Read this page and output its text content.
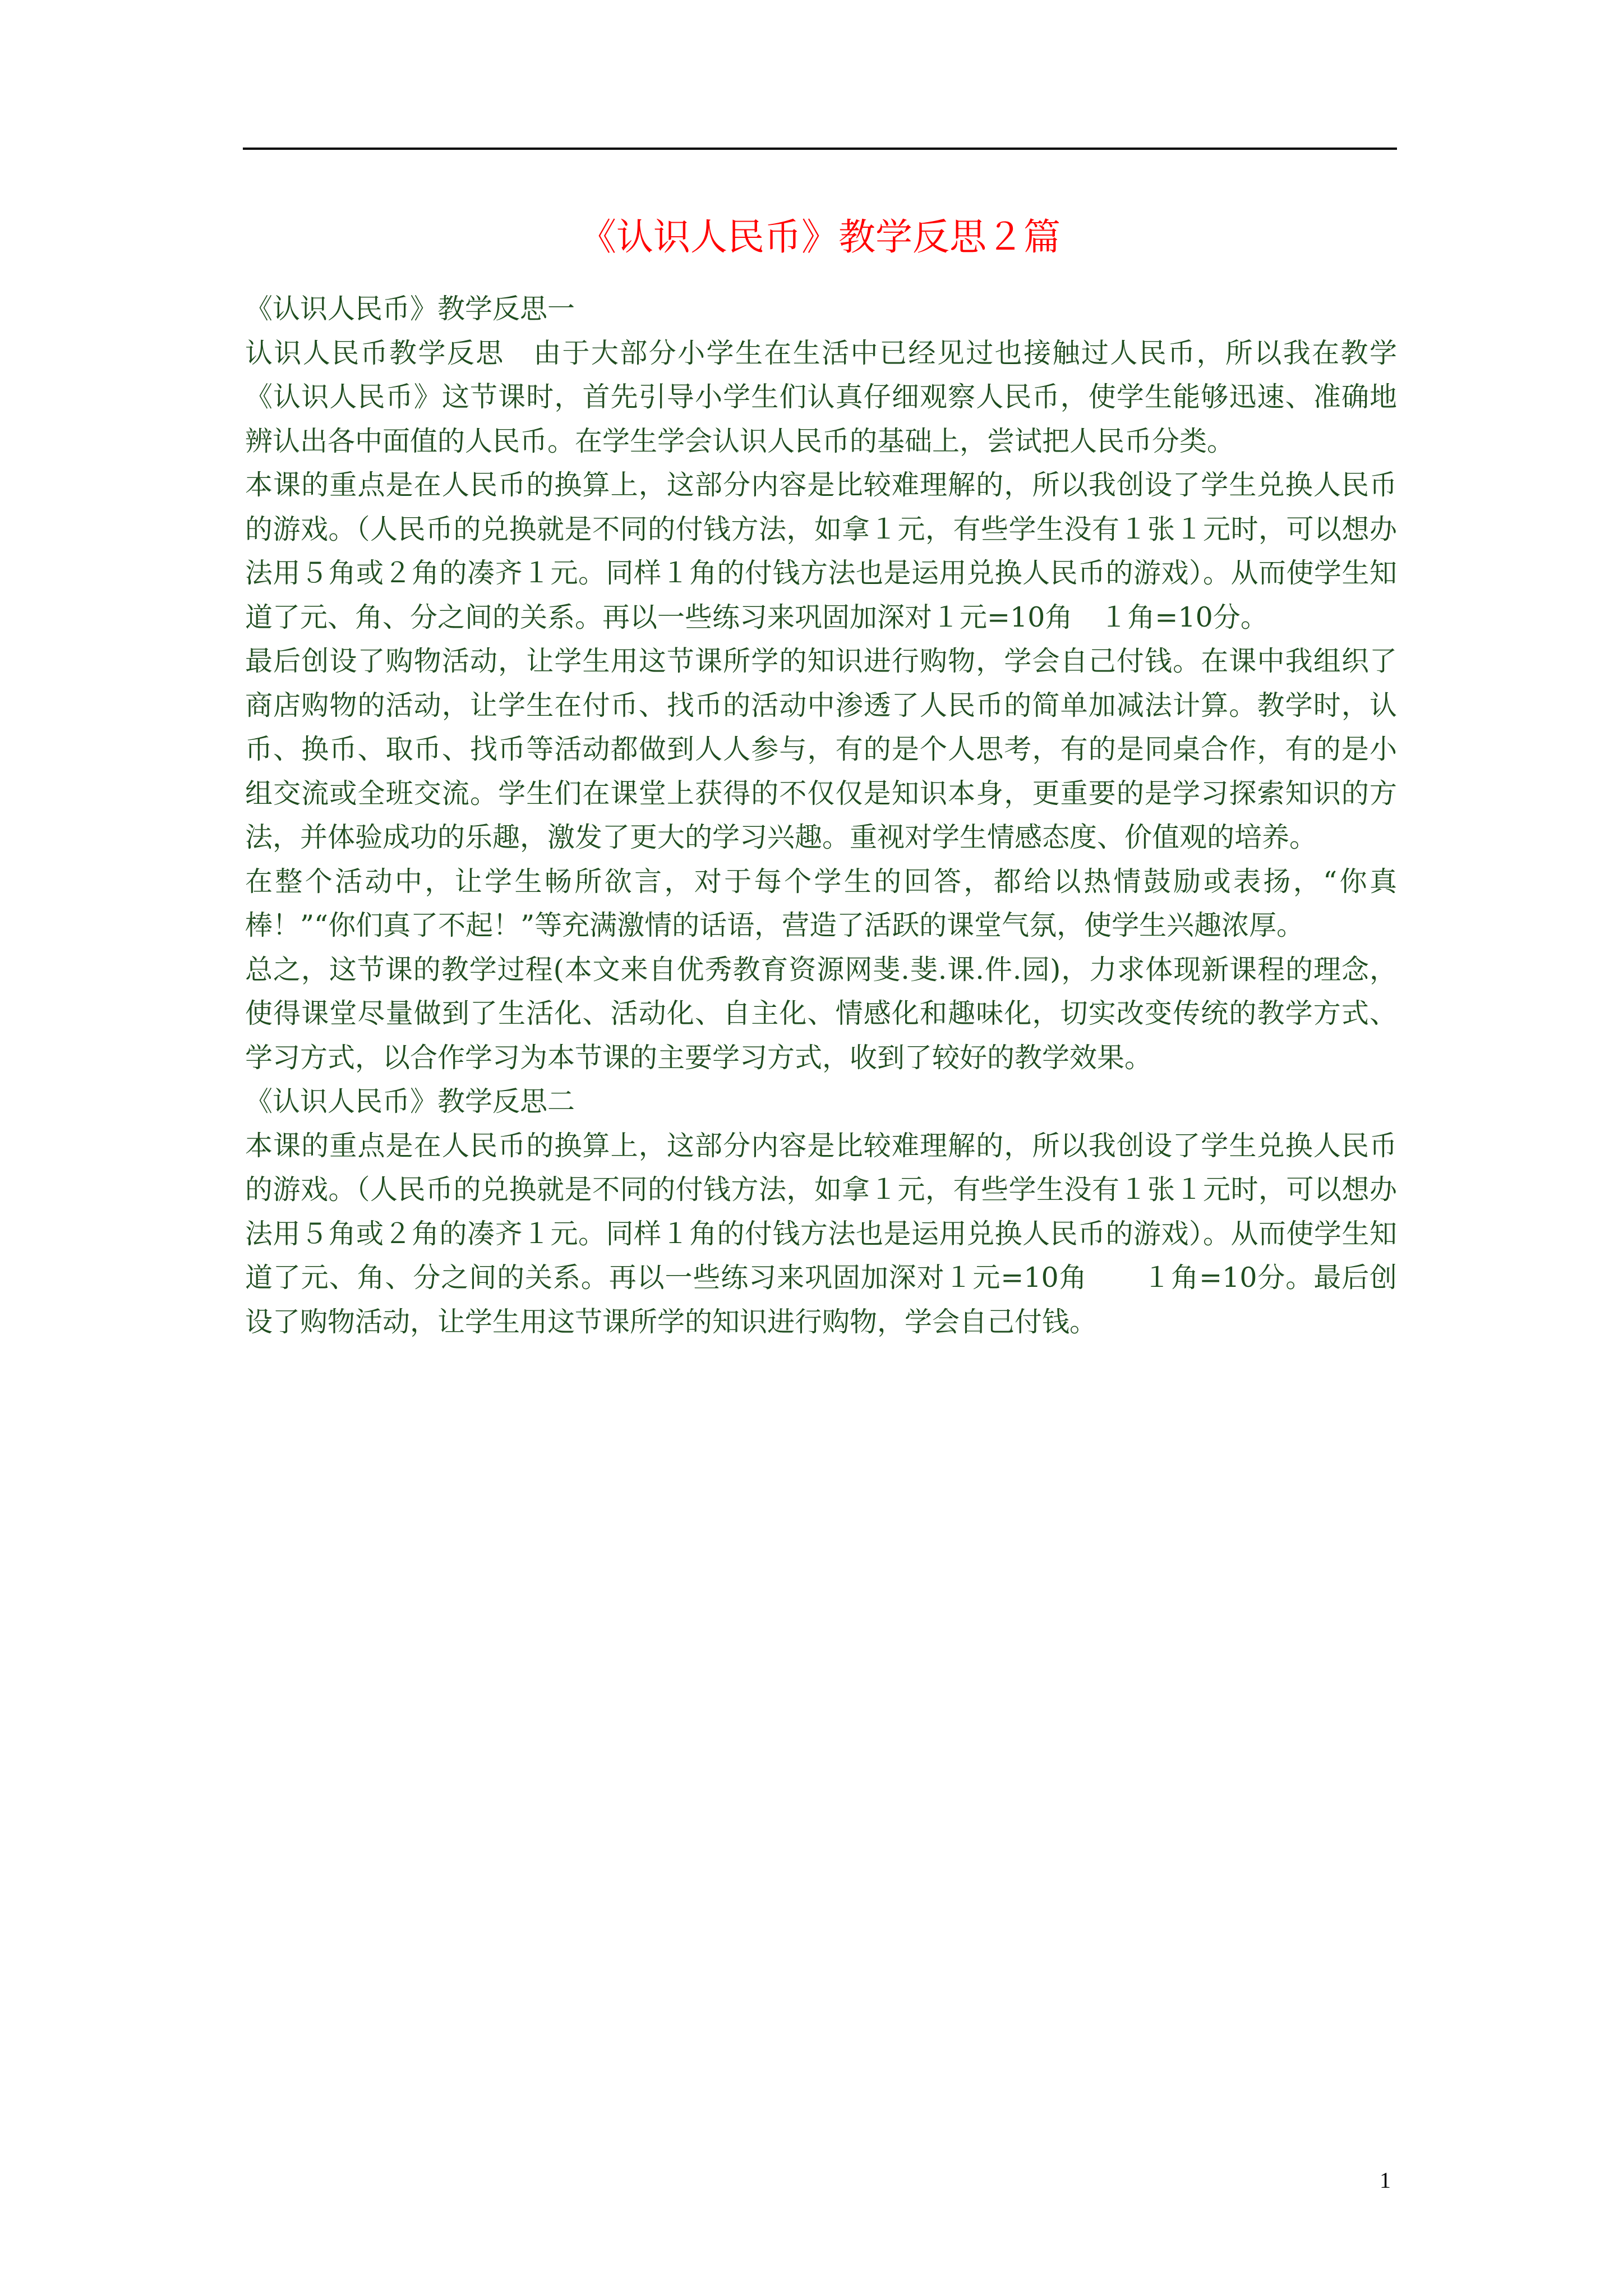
《认识人民币》教学反思２篇

《认识人民币》教学反思一

认识人民币教学反思　由于大部分小学生在生活中已经见过也接触过人民币，所以我在教学《认识人民币》这节课时，首先引导小学生们认真仔细观察人民币，使学生能够迅速、准确地辨认出各中面值的人民币。在学生学会认识人民币的基础上，尝试把人民币分类。

本课的重点是在人民币的换算上，这部分内容是比较难理解的，所以我创设了学生兑换人民币的游戏。（人民币的兑换就是不同的付钱方法，如拿１元，有些学生没有１张１元时，可以想办法用５角或２角的凑齐１元。同样１角的付钱方法也是运用兑换人民币的游戏）。从而使学生知道了元、角、分之间的关系。再以一些练习来巩固加深对１元=10角　１角=10分。

最后创设了购物活动，让学生用这节课所学的知识进行购物，学会自己付钱。在课中我组织了商店购物的活动，让学生在付币、找币的活动中渗透了人民币的简单加减法计算。教学时，认币、换币、取币、找币等活动都做到人人参与，有的是个人思考，有的是同桌合作，有的是小组交流或全班交流。学生们在课堂上获得的不仅仅是知识本身，更重要的是学习探索知识的方法，并体验成功的乐趣，激发了更大的学习兴趣。重视对学生情感态度、价值观的培养。

在整个活动中，让学生畅所欲言，对于每个学生的回答，都给以热情鼓励或表扬，“你真棒！”“你们真了不起！”等充满激情的话语，营造了活跃的课堂气氛，使学生兴趣浓厚。

总之，这节课的教学过程(本文来自优秀教育资源网斐.斐.课.件.园)，力求体现新课程的理念，使得课堂尽量做到了生活化、活动化、自主化、情感化和趣味化，切实改变传统的教学方式、学习方式，以合作学习为本节课的主要学习方式，收到了较好的教学效果。

《认识人民币》教学反思二

本课的重点是在人民币的换算上，这部分内容是比较难理解的，所以我创设了学生兑换人民币的游戏。（人民币的兑换就是不同的付钱方法，如拿１元，有些学生没有１张１元时，可以想办法用５角或２角的凑齐１元。同样１角的付钱方法也是运用兑换人民币的游戏）。从而使学生知道了元、角、分之间的关系。再以一些练习来巩固加深对１元=10角　　１角=10分。最后创设了购物活动，让学生用这节课所学的知识进行购物，学会自己付钱。

1
